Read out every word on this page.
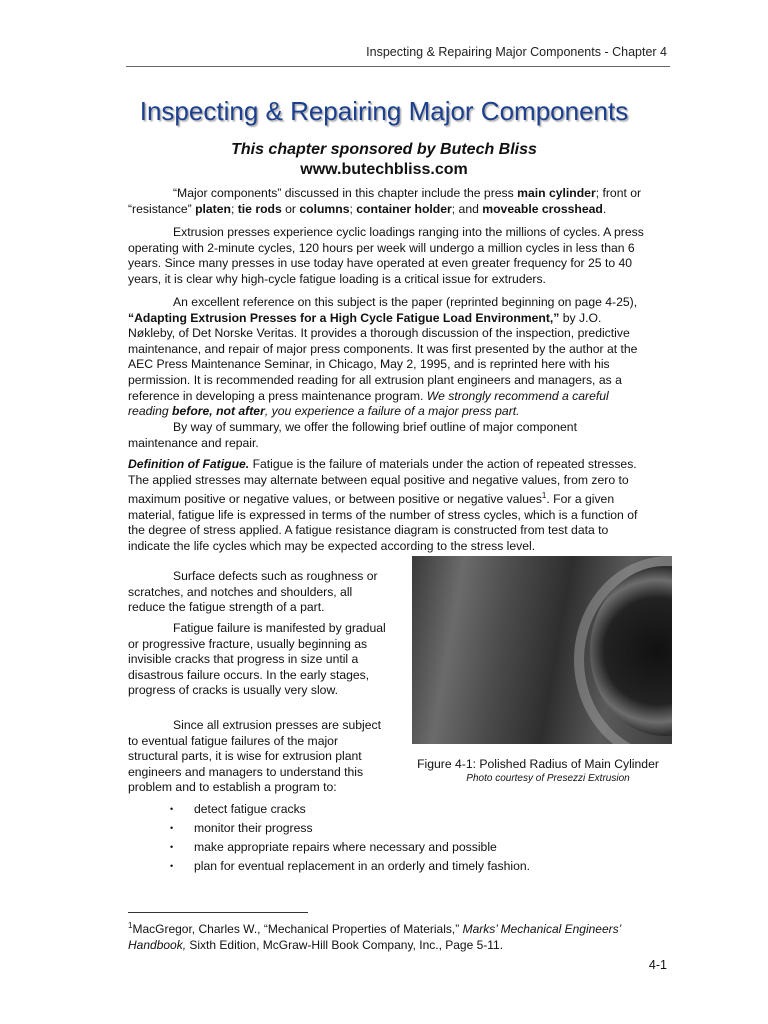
Inspecting & Repairing Major Components - Chapter 4
Inspecting & Repairing Major Components
This chapter sponsored by Butech Bliss
www.butechbliss.com

“Major components” discussed in this chapter include the press main cylinder; front or “resistance” platen; tie rods or columns; container holder; and moveable crosshead.

Extrusion presses experience cyclic loadings ranging into the millions of cycles. A press operating with 2-minute cycles, 120 hours per week will undergo a million cycles in less than 6 years. Since many presses in use today have operated at even greater frequency for 25 to 40 years, it is clear why high-cycle fatigue loading is a critical issue for extruders.

An excellent reference on this subject is the paper (reprinted beginning on page 4-25), “Adapting Extrusion Presses for a High Cycle Fatigue Load Environment,” by J.O. Nøkleby, of Det Norske Veritas. It provides a thorough discussion of the inspection, predictive maintenance, and repair of major press components. It was first presented by the author at the AEC Press Maintenance Seminar, in Chicago, May 2, 1995, and is reprinted here with his permission. It is recommended reading for all extrusion plant engineers and managers, as a reference in developing a press maintenance program. We strongly recommend a careful reading before, not after, you experience a failure of a major press part.

By way of summary, we offer the following brief outline of major component maintenance and repair.

Definition of Fatigue. Fatigue is the failure of materials under the action of repeated stresses. The applied stresses may alternate between equal positive and negative values, from zero to maximum positive or negative values, or between positive or negative values$^1$. For a given material, fatigue life is expressed in terms of the number of stress cycles, which is a function of the degree of stress applied. A fatigue resistance diagram is constructed from test data to indicate the life cycles which may be expected according to the stress level.

Surface defects such as roughness or scratches, and notches and shoulders, all reduce the fatigue strength of a part.

Fatigue failure is manifested by gradual or progressive fracture, usually beginning as invisible cracks that progress in size until a disastrous failure occurs. In the early stages, progress of cracks is usually very slow.

Since all extrusion presses are subject to eventual fatigue failures of the major structural parts, it is wise for extrusion plant engineers and managers to understand this problem and to establish a program to:

Figure 4-1: Polished Radius of Main Cylinder
Photo courtesy of Presezzi Extrusion
•	detect fatigue cracks
•	monitor their progress
•	make appropriate repairs where necessary and possible
•	plan for eventual replacement in an orderly and timely fashion.
$^1$MacGregor, Charles W., “Mechanical Properties of Materials,” Marks’ Mechanical Engineers’ Handbook, Sixth Edition, McGraw-Hill Book Company, Inc., Page 5-11.
4-1
